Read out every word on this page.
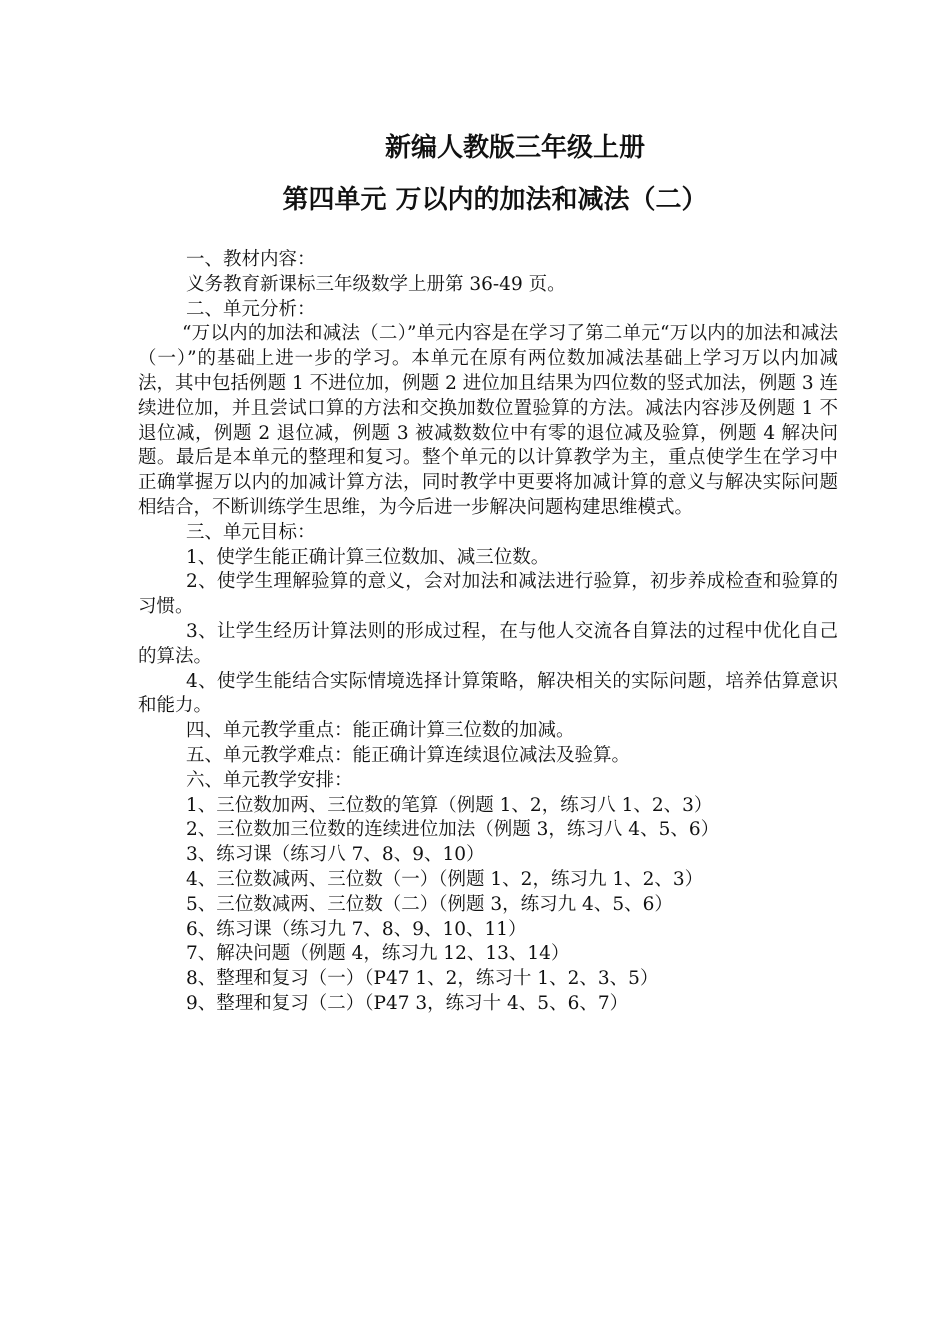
新编人教版三年级上册
第四单元 万以内的加法和减法（二）

一、教材内容：

义务教育新课标三年级数学上册第 36-49 页。

二、单元分析：

“万以内的加法和减法（二）”单元内容是在学习了第二单元“万以内的加法和减法（一）”的基础上进一步的学习。本单元在原有两位数加减法基础上学习万以内加减法，其中包括例题 1 不进位加，例题 2 进位加且结果为四位数的竖式加法，例题 3 连续进位加，并且尝试口算的方法和交换加数位置验算的方法。减法内容涉及例题 1 不退位减，例题 2 退位减，例题 3 被减数数位中有零的退位减及验算，例题 4 解决问题。最后是本单元的整理和复习。整个单元的以计算教学为主，重点使学生在学习中正确掌握万以内的加减计算方法，同时教学中更要将加减计算的意义与解决实际问题相结合，不断训练学生思维，为今后进一步解决问题构建思维模式。

三、单元目标：

1、使学生能正确计算三位数加、减三位数。

2、使学生理解验算的意义，会对加法和减法进行验算，初步养成检查和验算的习惯。

3、让学生经历计算法则的形成过程，在与他人交流各自算法的过程中优化自己的算法。

4、使学生能结合实际情境选择计算策略，解决相关的实际问题，培养估算意识和能力。

四、单元教学重点：能正确计算三位数的加减。

五、单元教学难点：能正确计算连续退位减法及验算。

六、单元教学安排：

1、三位数加两、三位数的笔算（例题 1、2，练习八 1、2、3）

2、三位数加三位数的连续进位加法（例题 3，练习八 4、5、6）

3、练习课（练习八 7、8、9、10）

4、三位数减两、三位数（一）（例题 1、2，练习九 1、2、3）

5、三位数减两、三位数（二）（例题 3，练习九 4、5、6）

6、练习课（练习九 7、8、9、10、11）

7、解决问题（例题 4，练习九 12、13、14）

8、整理和复习（一）（P47 1、2，练习十 1、2、3、5）

9、整理和复习（二）（P47 3，练习十 4、5、6、7）
